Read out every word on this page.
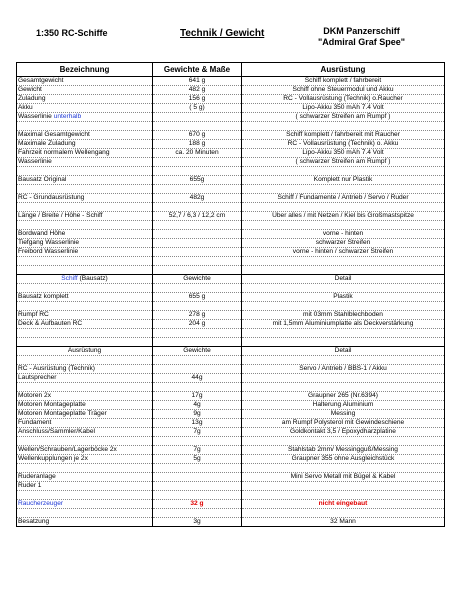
1:350 RC-Schiffe	Technik / Gewicht	DKM Panzerschiff
"Admiral Graf Spee"
Bezeichnung	Gewichte & Maße	Ausrüstung
Gesamtgewicht	641 g	Schiff komplett / fahrbereit
Gewicht	482 g	Schiff ohne Steuermodul und Akku
Zuladung	156 g	RC - Vollausrüstung (Technik) o.Raucher
Akku	( 5 g)	Lipo-Akku 350 mAh 7.4 Volt
Wasserlinie unterhalb		( schwarzer Streifen am Rumpf )

Maximal Gesamtgewicht	670 g	Schiff komplett / fahrbereit mit Raucher
Maximale Zuladung	188 g	RC - Vollausrüstung (Technik) o. Akku
Fahrzeit normalem Wellengang	ca. 20 Minuten	Lipo-Akku 350 mAh 7.4 Volt
Wasserlinie		( schwarzer Streifen am Rumpf )

Bausatz Original	655g	Komplett nur Plastik

RC - Grundausrüstung	482g	Schiff / Fundamente / Antrieb / Servo / Ruder

Länge / Breite / Höhe - Schiff	52,7 / 6,3 / 12,2 cm	Über alles / mit Netzen / Kiel bis Großmastspitze

Bordwand Höhe		vorne - hinten
Tiefgang Wasserlinie		schwarzer Streifen
Freibord Wasserlinie		vorne - hinten / schwarzer Streifen

Schiff (Bausatz)	Gewichte	Detail

Bausatz komplett	655 g	Plastik

Rumpf RC	278 g	mit 03mm Stahlblechboden
Deck & Aufbauten RC	204 g	mit 1,5mm Aluminiumplatte als Deckverstärkung

Ausrüstung	Gewichte	Detail

RC - Ausrüstung (Technik)		Servo / Antrieb / BBS-1 / Akku
Lautsprecher	44g	

Motoren 2x	17g	Graupner 265 (Nr.6394)
Motoren Montageplatte	4g	Halterung Aluminium
Motoren Montageplatte Träger	9g	Messing
Fundament	13g	am Rumpf Polysterol mit Gewindeschiene
Anschluss/Sammler/Kabel	7g	Goldkontakt 3,5 / Epoxydharzplatine

Wellen/Schrauben/Lagerböcke 2x	7g	Stahlstab 2mm/ Messingguß/Messing
Wellenkupplungen je 2x	5g	Graupner 355 ohne Ausgleichstück

Ruderanlage		Mini Servo Metall mit Bügel & Kabel
Ruder 1		

Raucherzeuger	32 g	nicht eingebaut

Besatzung	3g	32 Mann
